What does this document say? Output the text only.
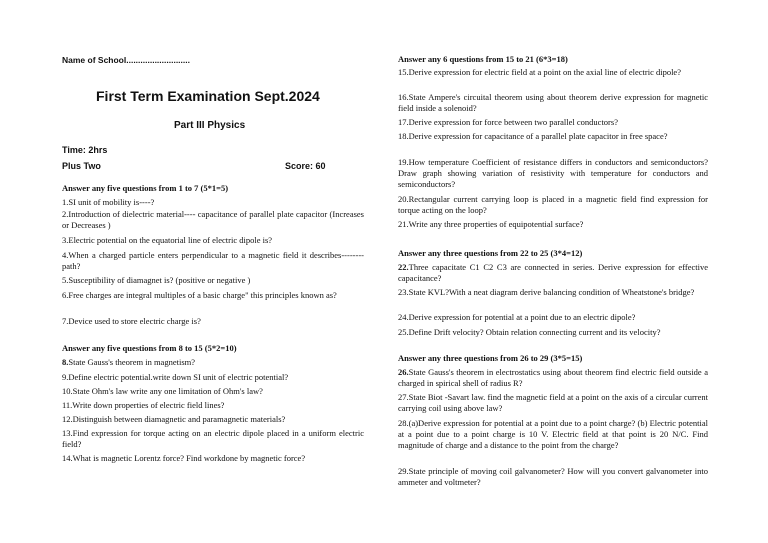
Name of School...........................
First Term Examination Sept.2024
Part III Physics
Time: 2hrs
Plus Two	Score: 60
Answer any five questions from 1 to 7 (5*1=5)
1.SI unit of mobility is----?
2.Introduction of dielectric material---- capacitance of parallel plate capacitor (Increases or Decreases )
3.Electric potential on the equatorial line of electric dipole is?
4.When a charged particle enters perpendicular to a magnetic field it describes-------- path?
5.Susceptibility of diamagnet is? (positive or negative )
6.Free charges are integral multiples of a basic charge" this principles known as?
7.Device used to store electric charge is?
Answer any five questions from 8 to 15 (5*2=10)
8.State Gauss's theorem in magnetism?
9.Define electric potential.write down SI unit of electric potential?
10.State Ohm's law write any one limitation of Ohm's law?
11.Write down properties of electric field lines?
12.Distinguish between diamagnetic and paramagnetic materials?
13.Find expression for torque acting on an electric dipole placed in a uniform electric field?
14.What is magnetic Lorentz force? Find workdone by magnetic force?
Answer any 6 questions from 15 to 21 (6*3=18)
15.Derive expression for electric field at a point on the axial line of electric dipole?
16.State Ampere's circuital theorem using about theorem derive expression for magnetic field inside a solenoid?
17.Derive expression for force between two parallel conductors?
18.Derive expression for capacitance of a parallel plate capacitor in free space?
19.How temperature Coefficient of resistance differs in conductors and semiconductors? Draw graph showing variation of resistivity with temperature for conductors and semiconductors?
20.Rectangular current carrying loop is placed in a magnetic field find expression for torque acting on the loop?
21.Write any three properties of equipotential surface?
Answer any three questions from 22 to 25 (3*4=12)
22.Three capacitate C1 C2 C3 are connected in series. Derive expression for effective capacitance?
23.State KVL?With a neat diagram derive balancing condition of Wheatstone's bridge?
24.Derive expression for potential at a point due to an electric dipole?
25.Define Drift velocity? Obtain relation connecting current and its velocity?
Answer any three questions from 26 to 29 (3*5=15)
26.State Gauss's theorem in electrostatics using about theorem find electric field outside a charged in spirical shell of radius R?
27.State Biot -Savart law. find the magnetic field at a point on the axis of a circular current carrying coil using above law?
28.(a)Derive expression for potential at a point due to a point charge? (b) Electric potential at a point due to a point charge is 10 V. Electric field at that point is 20 N/C. Find magnitude of charge and a distance to the point from the charge?
29.State principle of moving coil galvanometer? How will you convert galvanometer into ammeter and voltmeter?
